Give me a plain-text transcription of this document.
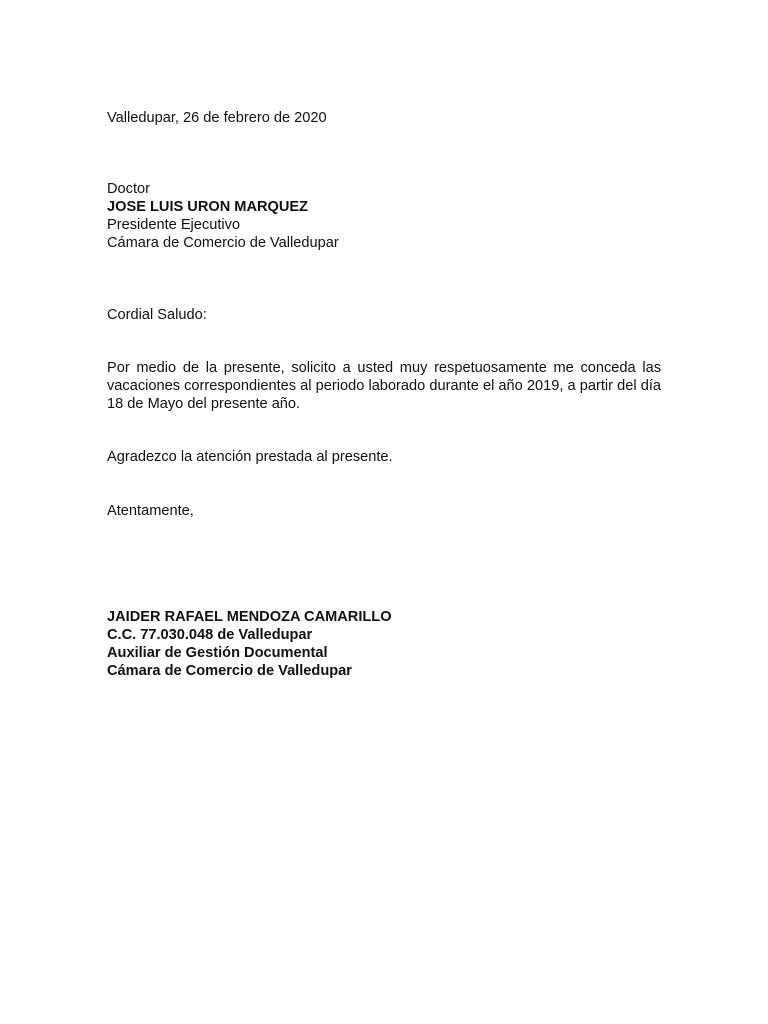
Valledupar, 26 de febrero de 2020
Doctor
JOSE LUIS URON MARQUEZ
Presidente Ejecutivo
Cámara de Comercio de Valledupar
Cordial Saludo:
Por medio de la presente, solicito a usted muy respetuosamente me conceda las vacaciones correspondientes al periodo laborado durante el año 2019, a partir del día 18 de Mayo del presente año.
Agradezco la atención prestada al presente.
Atentamente,
JAIDER RAFAEL MENDOZA CAMARILLO
C.C. 77.030.048 de Valledupar
Auxiliar de Gestión Documental
Cámara de Comercio de Valledupar
